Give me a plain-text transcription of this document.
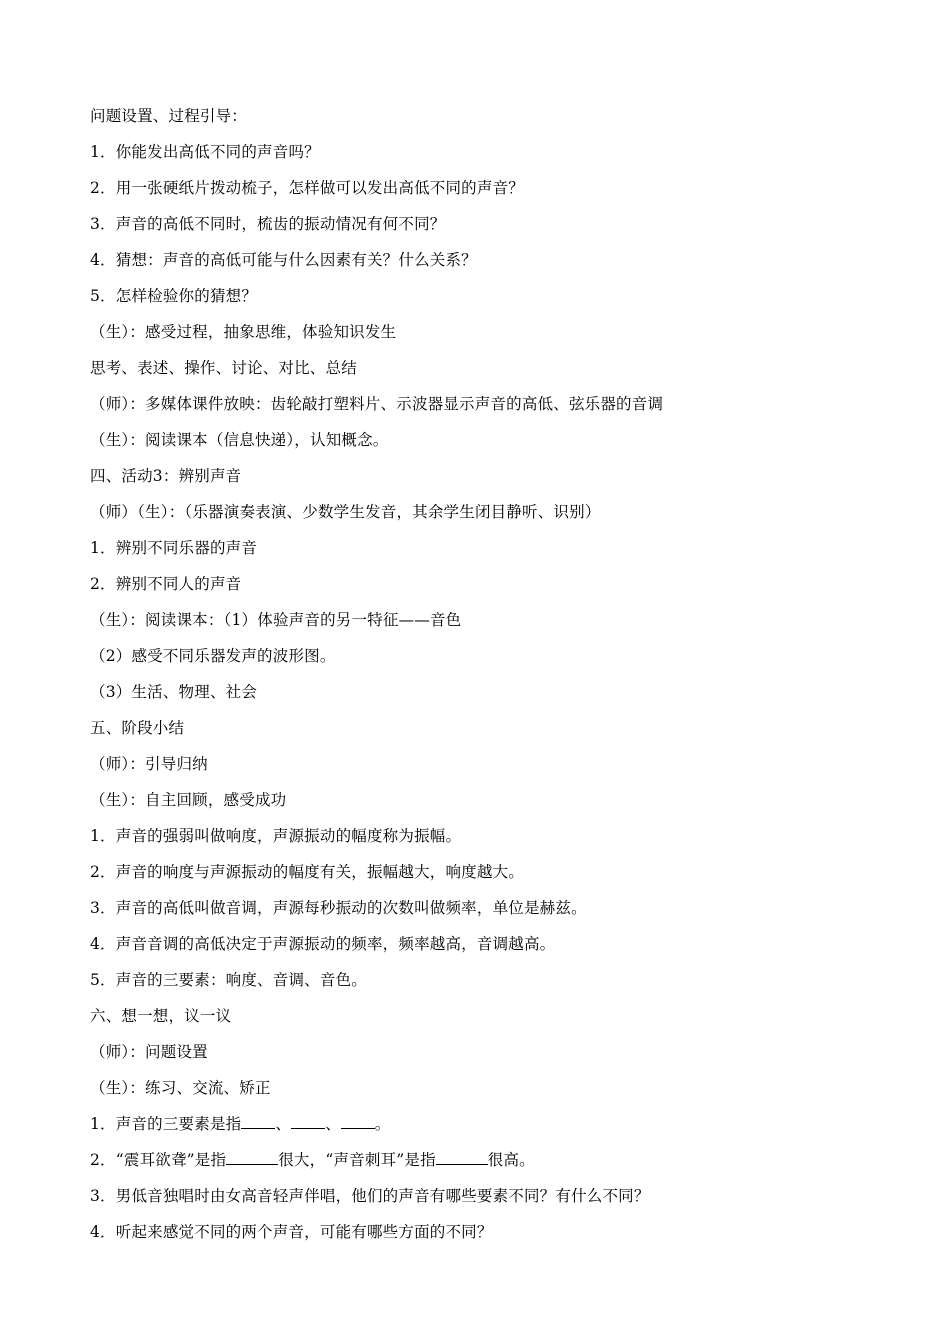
问题设置、过程引导：
1．你能发出高低不同的声音吗？
2．用一张硬纸片拨动梳子，怎样做可以发出高低不同的声音？
3．声音的高低不同时，梳齿的振动情况有何不同？
4．猜想：声音的高低可能与什么因素有关？什么关系？
5．怎样检验你的猜想？
（生）：感受过程，抽象思维，体验知识发生
思考、表述、操作、讨论、对比、总结
（师）：多媒体课件放映：齿轮敲打塑料片、示波器显示声音的高低、弦乐器的音调
（生）：阅读课本（信息快递），认知概念。
四、活动3：辨别声音
（师）（生）：（乐器演奏表演、少数学生发音，其余学生闭目静听、识别）
1．辨别不同乐器的声音
2．辨别不同人的声音
（生）：阅读课本：（1）体验声音的另一特征——音色
（2）感受不同乐器发声的波形图。
（3）生活、物理、社会
五、阶段小结
（师）：引导归纳
（生）：自主回顾，感受成功
1．声音的强弱叫做响度，声源振动的幅度称为振幅。
2．声音的响度与声源振动的幅度有关，振幅越大，响度越大。
3．声音的高低叫做音调，声源每秒振动的次数叫做频率，单位是赫兹。
4．声音音调的高低决定于声源振动的频率，频率越高，音调越高。
5．声音的三要素：响度、音调、音色。
六、想一想，议一议
（师）：问题设置
（生）：练习、交流、矫正
1．声音的三要素是指 、 、 。
2．“震耳欲聋”是指	很大，“声音刺耳”是指	很高。
3．男低音独唱时由女高音轻声伴唱，他们的声音有哪些要素不同？有什么不同？
4．听起来感觉不同的两个声音，可能有哪些方面的不同？
